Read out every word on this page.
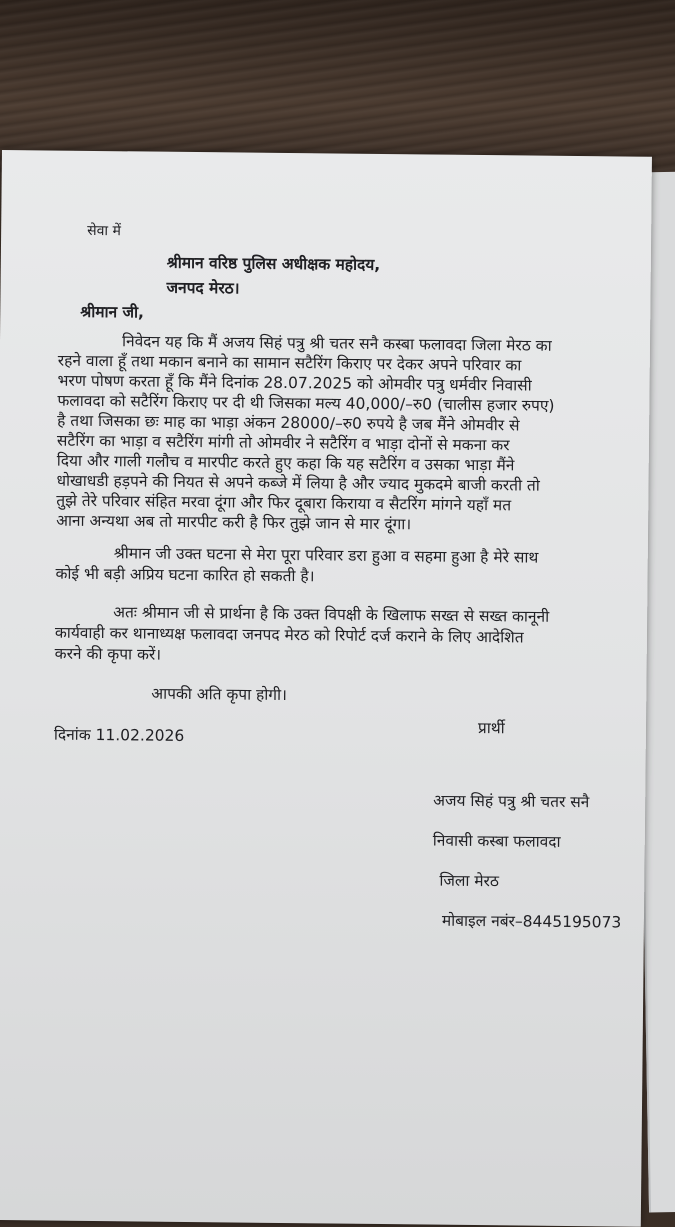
सेवा में
श्रीमान वरिष्ठ पुलिस अधीक्षक महोदय,
जनपद मेरठ।
श्रीमान जी,
निवेदन यह कि मैं अजय सिहं पत्रु श्री चतर सनै कस्बा फलावदा जिला मेरठ का
रहने वाला हूँ तथा मकान बनाने का सामान सटैरिंग किराए पर देकर अपने परिवार का
भरण पोषण करता हूँ कि मैंने दिनांक 28.07.2025 को ओमवीर पत्रु धर्मवीर निवासी
फलावदा को सटैरिंग किराए पर दी थी जिसका मल्य 40,000/–रु0 (चालीस हजार रुपए)
है तथा जिसका छः माह का भाड़ा अंकन 28000/–रु0 रुपये है जब मैंने ओमवीर से
सटैरिंग का भाड़ा व सटैरिंग मांगी तो ओमवीर ने सटैरिंग व भाड़ा दोनों से मकना कर
दिया और गाली गलौच व मारपीट करते हुए कहा कि यह सटैरिंग व उसका भाड़ा मैंने
धोखाधडी हड़पने की नियत से अपने कब्जे में लिया है और ज्याद मुकदमे बाजी करती तो
तुझे तेरे परिवार संहित मरवा दूंगा और फिर दूबारा किराया व सैटरिंग मांगने यहाँ मत
आना अन्यथा अब तो मारपीट करी है फिर तुझे जान से मार दूंगा।
श्रीमान जी उक्त घटना से मेरा पूरा परिवार डरा हुआ व सहमा हुआ है मेरे साथ
कोई भी बड़ी अप्रिय घटना कारित हो सकती है।
अतः श्रीमान जी से प्रार्थना है कि उक्त विपक्षी के खिलाफ सख्त से सख्त कानूनी
कार्यवाही कर थानाध्यक्ष फलावदा जनपद मेरठ को रिपोर्ट दर्ज कराने के लिए आदेशित
करने की कृपा करें।
आपकी अति कृपा होगी।
दिनांक 11.02.2026	प्रार्थी
अजय सिहं पत्रु श्री चतर सनै
निवासी कस्बा फलावदा
जिला मेरठ
मोबाइल नबंर–8445195073
